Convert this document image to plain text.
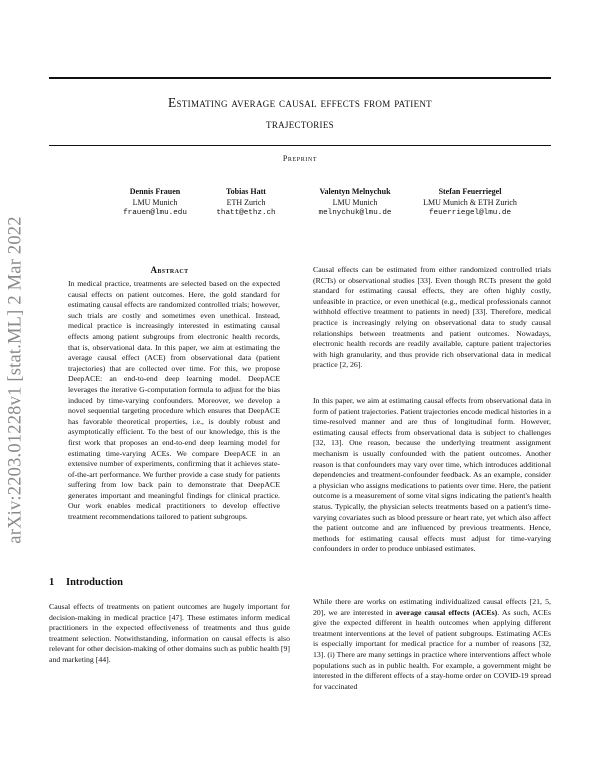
arXiv:2203.01228v1 [stat.ML] 2 Mar 2022
Estimating average causal effects from patient
trajectories
Preprint
Dennis Frauen
LMU Munich
frauen@lmu.edu
Tobias Hatt
ETH Zurich
thatt@ethz.ch
Valentyn Melnychuk
LMU Munich
melnychuk@lmu.de
Stefan Feuerriegel
LMU Munich & ETH Zurich
feuerriegel@lmu.de
Abstract
In medical practice, treatments are selected based on the expected causal effects on patient outcomes. Here, the gold standard for estimating causal effects are randomized controlled trials; however, such trials are costly and sometimes even unethical. Instead, medical practice is increasingly interested in estimating causal effects among patient subgroups from electronic health records, that is, observational data. In this paper, we aim at estimating the average causal effect (ACE) from observational data (patient trajectories) that are collected over time. For this, we propose DeepACE: an end-to-end deep learning model. DeepACE leverages the iterative G-computation formula to adjust for the bias induced by time-varying confounders. Moreover, we develop a novel sequential targeting procedure which ensures that DeepACE has favorable theoretical properties, i.e., is doubly robust and asymptotically efficient. To the best of our knowledge, this is the first work that proposes an end-to-end deep learning model for estimating time-varying ACEs. We compare DeepACE in an extensive number of experiments, confirming that it achieves state-of-the-art performance. We further provide a case study for patients suffering from low back pain to demonstrate that DeepACE generates important and meaningful findings for clinical practice. Our work enables medical practitioners to develop effective treatment recommendations tailored to patient subgroups.
1 Introduction
Causal effects of treatments on patient outcomes are hugely important for decision-making in medical practice [47]. These estimates inform medical practitioners in the expected effectiveness of treatments and thus guide treatment selection. Notwithstanding, information on causal effects is also relevant for other decision-making of other domains such as public health [9] and marketing [44].
Causal effects can be estimated from either randomized controlled trials (RCTs) or observational studies [33]. Even though RCTs present the gold standard for estimating causal effects, they are often highly costly, unfeasible in practice, or even unethical (e.g., medical professionals cannot withhold effective treatment to patients in need) [33]. Therefore, medical practice is increasingly relying on observational data to study causal relationships between treatments and patient outcomes. Nowadays, electronic health records are readily available, capture patient trajectories with high granularity, and thus provide rich observational data in medical practice [2, 26].
In this paper, we aim at estimating causal effects from observational data in form of patient trajectories. Patient trajectories encode medical histories in a time-resolved manner and are thus of longitudinal form. However, estimating causal effects from observational data is subject to challenges [32, 13]. One reason, because the underlying treatment assignment mechanism is usually confounded with the patient outcomes. Another reason is that confounders may vary over time, which introduces additional dependencies and treatment-confounder feedback. As an example, consider a physician who assigns medications to patients over time. Here, the patient outcome is a measurement of some vital signs indicating the patient's health status. Typically, the physician selects treatments based on a patient's time-varying covariates such as blood pressure or heart rate, yet which also affect the patient outcome and are influenced by previous treatments. Hence, methods for estimating causal effects must adjust for time-varying confounders in order to produce unbiased estimates.
While there are works on estimating individualized causal effects [21, 5, 20], we are interested in average causal effects (ACEs). As such, ACEs give the expected different in health outcomes when applying different treatment interventions at the level of patient subgroups. Estimating ACEs is especially important for medical practice for a number of reasons [32, 13]. (i) There are many settings in practice where interventions affect whole populations such as in public health. For example, a government might be interested in the different effects of a stay-home order on COVID-19 spread for vaccinated
